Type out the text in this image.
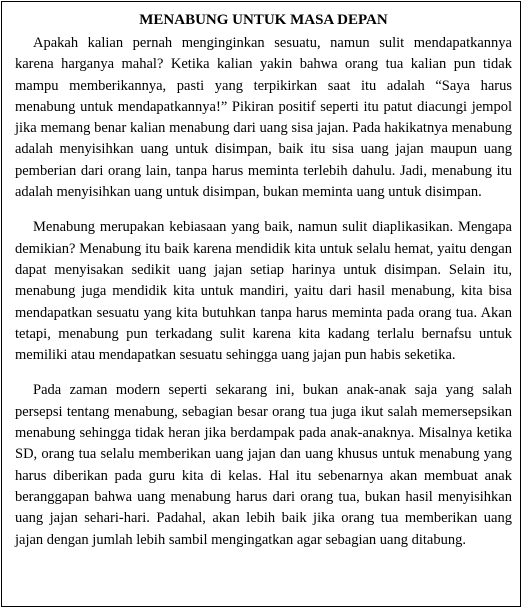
MENABUNG UNTUK MASA DEPAN

Apakah kalian pernah menginginkan sesuatu, namun sulit mendapatkannya karena harganya mahal? Ketika kalian yakin bahwa orang tua kalian pun tidak mampu memberikannya, pasti yang terpikirkan saat itu adalah “Saya harus menabung untuk mendapatkannya!” Pikiran positif seperti itu patut diacungi jempol jika memang benar kalian menabung dari uang sisa jajan. Pada hakikatnya menabung adalah menyisihkan uang untuk disimpan, baik itu sisa uang jajan maupun uang pemberian dari orang lain, tanpa harus meminta terlebih dahulu. Jadi, menabung itu adalah menyisihkan uang untuk disimpan, bukan meminta uang untuk disimpan.

Menabung merupakan kebiasaan yang baik, namun sulit diaplikasikan. Mengapa demikian? Menabung itu baik karena mendidik kita untuk selalu hemat, yaitu dengan dapat menyisakan sedikit uang jajan setiap harinya untuk disimpan. Selain itu, menabung juga mendidik kita untuk mandiri, yaitu dari hasil menabung, kita bisa mendapatkan sesuatu yang kita butuhkan tanpa harus meminta pada orang tua. Akan tetapi, menabung pun terkadang sulit karena kita kadang terlalu bernafsu untuk memiliki atau mendapatkan sesuatu sehingga uang jajan pun habis seketika.

Pada zaman modern seperti sekarang ini, bukan anak-anak saja yang salah persepsi tentang menabung, sebagian besar orang tua juga ikut salah memersepsikan menabung sehingga tidak heran jika berdampak pada anak-anaknya. Misalnya ketika SD, orang tua selalu memberikan uang jajan dan uang khusus untuk menabung yang harus diberikan pada guru kita di kelas. Hal itu sebenarnya akan membuat anak beranggapan bahwa uang menabung harus dari orang tua, bukan hasil menyisihkan uang jajan sehari-hari. Padahal, akan lebih baik jika orang tua memberikan uang jajan dengan jumlah lebih sambil mengingatkan agar sebagian uang ditabung.
